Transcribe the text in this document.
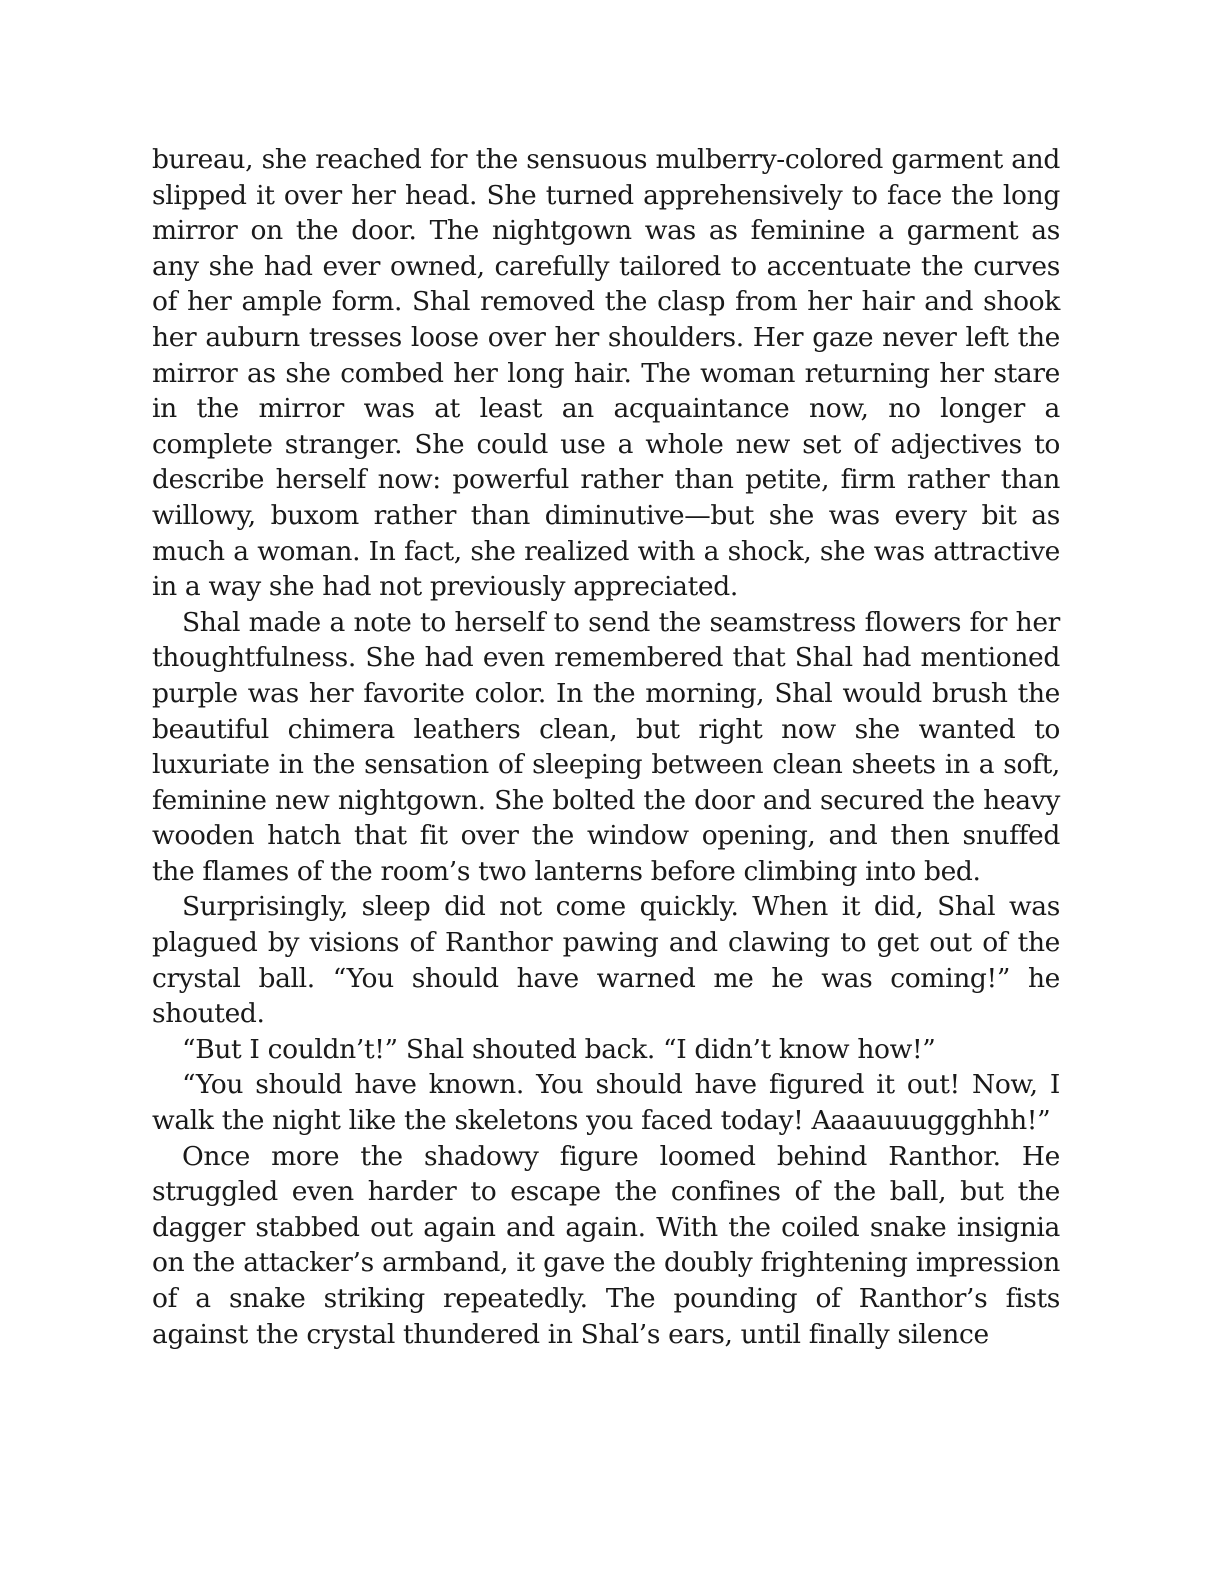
bureau, she reached for the sensuous mulberry-colored garment and slipped it over her head. She turned apprehensively to face the long mirror on the door. The nightgown was as feminine a garment as any she had ever owned, carefully tailored to accentuate the curves of her ample form. Shal removed the clasp from her hair and shook her auburn tresses loose over her shoulders. Her gaze never left the mirror as she combed her long hair. The woman returning her stare in the mirror was at least an acquaintance now, no longer a complete stranger. She could use a whole new set of adjectives to describe herself now: powerful rather than petite, firm rather than willowy, buxom rather than diminutive—but she was every bit as much a woman. In fact, she realized with a shock, she was attractive in a way she had not previously appreciated.

Shal made a note to herself to send the seamstress flowers for her thoughtfulness. She had even remembered that Shal had mentioned purple was her favorite color. In the morning, Shal would brush the beautiful chimera leathers clean, but right now she wanted to luxuriate in the sensation of sleeping between clean sheets in a soft, feminine new nightgown. She bolted the door and secured the heavy wooden hatch that fit over the window opening, and then snuffed the flames of the room’s two lanterns before climbing into bed.

Surprisingly, sleep did not come quickly. When it did, Shal was plagued by visions of Ranthor pawing and clawing to get out of the crystal ball. “You should have warned me he was coming!” he shouted.

“But I couldn’t!” Shal shouted back. “I didn’t know how!”

“You should have known. You should have figured it out! Now, I walk the night like the skeletons you faced today! Aaaauuuggghhh!”

Once more the shadowy figure loomed behind Ranthor. He struggled even harder to escape the confines of the ball, but the dagger stabbed out again and again. With the coiled snake insignia on the attacker’s armband, it gave the doubly frightening impression of a snake striking repeatedly. The pounding of Ranthor’s fists against the crystal thundered in Shal’s ears, until finally silence
